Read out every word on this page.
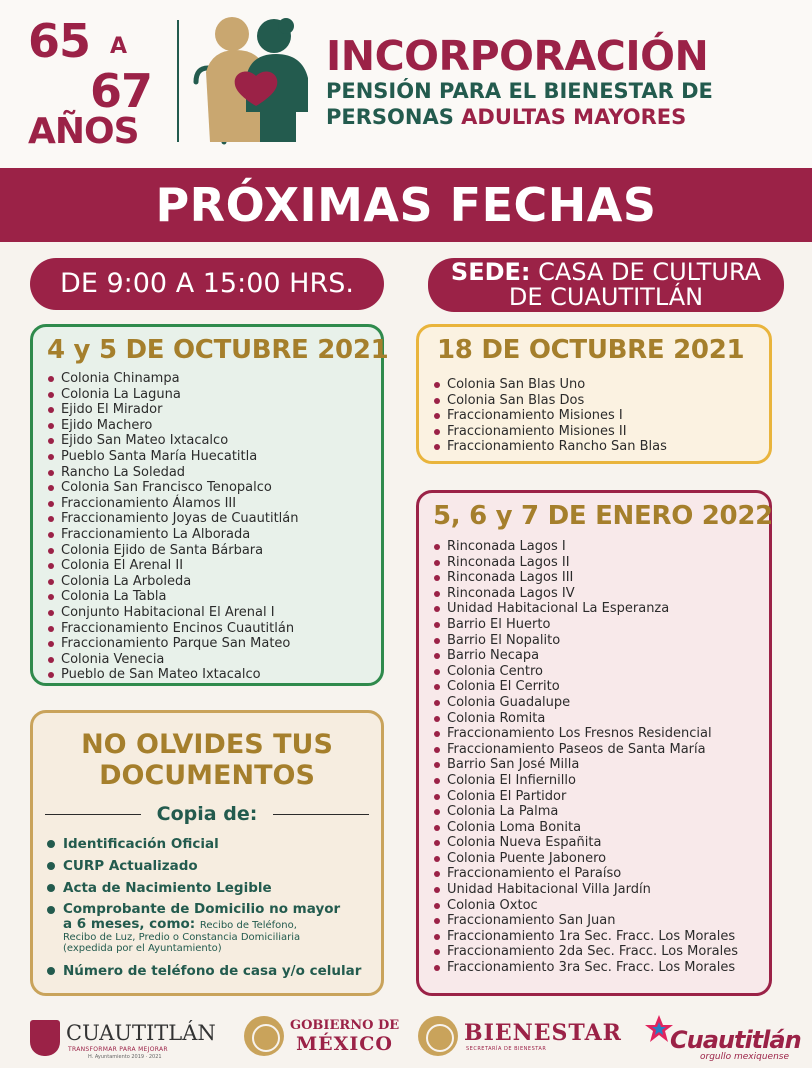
65 A
67
AÑOS
INCORPORACIÓN
PENSIÓN PARA EL BIENESTAR DE
PERSONAS ADULTAS MAYORES
PRÓXIMAS FECHAS
DE 9:00 A 15:00 HRS.	SEDE: CASA DE CULTURA
DE CUAUTITLÁN
4 y 5 DE OCTUBRE 2021
Colonia Chinampa
Colonia La Laguna
Ejido El Mirador
Ejido Machero
Ejido San Mateo Ixtacalco
Pueblo Santa María Huecatitla
Rancho La Soledad
Colonia San Francisco Tenopalco
Fraccionamiento Álamos III
Fraccionamiento Joyas de Cuautitlán
Fraccionamiento La Alborada
Colonia Ejido de Santa Bárbara
Colonia El Arenal II
Colonia La Arboleda
Colonia La Tabla
Conjunto Habitacional El Arenal I
Fraccionamiento Encinos Cuautitlán
Fraccionamiento Parque San Mateo
Colonia Venecia
Pueblo de San Mateo Ixtacalco
18 DE OCTUBRE 2021
Colonia San Blas Uno
Colonia San Blas Dos
Fraccionamiento Misiones I
Fraccionamiento Misiones II
Fraccionamiento Rancho San Blas
5, 6 y 7 DE ENERO 2022
Rinconada Lagos I
Rinconada Lagos II
Rinconada Lagos III
Rinconada Lagos IV
Unidad Habitacional La Esperanza
Barrio El Huerto
Barrio El Nopalito
Barrio Necapa
Colonia Centro
Colonia El Cerrito
Colonia Guadalupe
Colonia Romita
Fraccionamiento Los Fresnos Residencial
Fraccionamiento Paseos de Santa María
Barrio San José Milla
Colonia El Infiernillo
Colonia El Partidor
Colonia La Palma
Colonia Loma Bonita
Colonia Nueva Españita
Colonia Puente Jabonero
Fraccionamiento el Paraíso
Unidad Habitacional Villa Jardín
Colonia Oxtoc
Fraccionamiento San Juan
Fraccionamiento 1ra Sec. Fracc. Los Morales
Fraccionamiento 2da Sec. Fracc. Los Morales
Fraccionamiento 3ra Sec. Fracc. Los Morales
NO OLVIDES TUS
DOCUMENTOS
Copia de:
Identificación Oficial
CURP Actualizado
Acta de Nacimiento Legible
Comprobante de Domicilio no mayor
a 6 meses, como: Recibo de Teléfono,
Recibo de Luz, Predio o Constancia Domiciliaria
(expedida por el Ayuntamiento)
Número de teléfono de casa y/o celular
CUAUTITLÁN
TRANSFORMAR PARA MEJORAR
H. Ayuntamiento 2019 · 2021
GOBIERNO DE
MÉXICO	BIENESTAR
SECRETARÍA DE BIENESTAR	Cuautitlán
orgullo mexiquense
